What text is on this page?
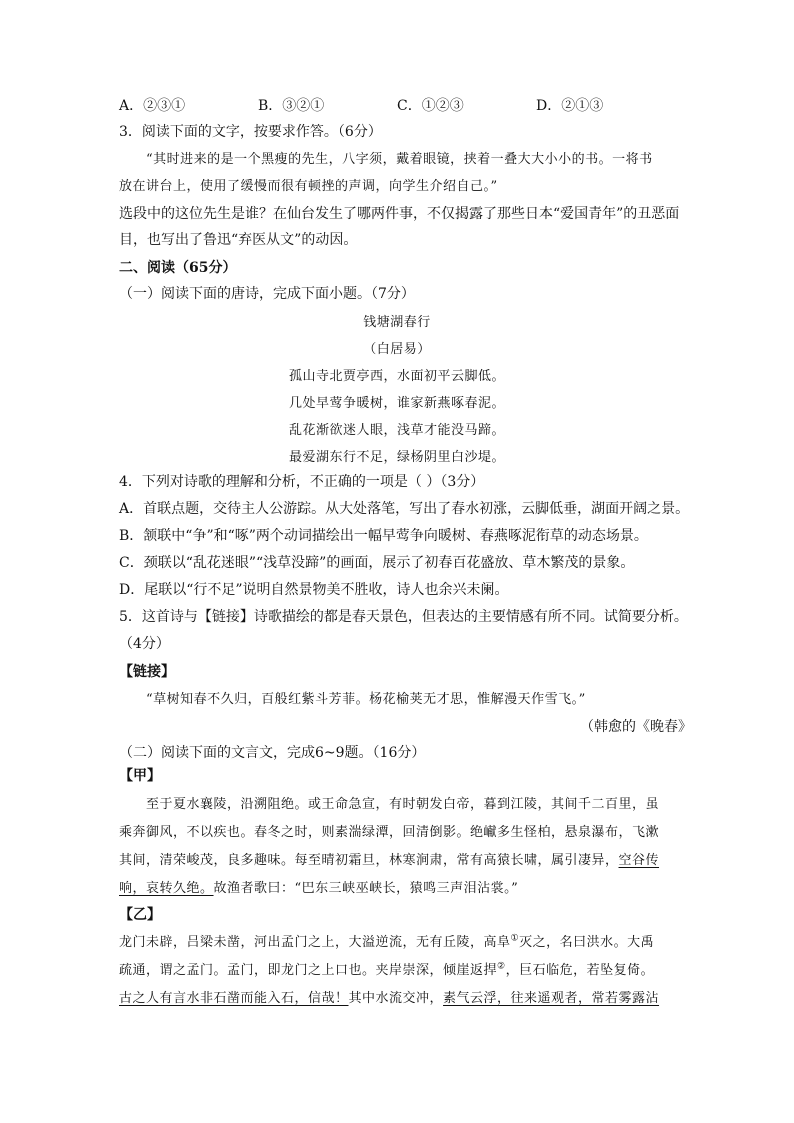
A．②③①	B．③②①	C．①②③	D．②①③
3．阅读下面的文字，按要求作答。（6分）
“其时进来的是一个黑瘦的先生，八字须，戴着眼镜，挟着一叠大大小小的书。一将书
放在讲台上，使用了缓慢而很有顿挫的声调，向学生介绍自己。”
选段中的这位先生是谁？在仙台发生了哪两件事，不仅揭露了那些日本“爱国青年”的丑恶面
目，也写出了鲁迅“弃医从文”的动因。
二、阅读（65分）
（一）阅读下面的唐诗，完成下面小题。（7分）
钱塘湖春行
（白居易）
孤山寺北贾亭西，水面初平云脚低。
几处早莺争暖树，谁家新燕啄春泥。
乱花渐欲迷人眼，浅草才能没马蹄。
最爱湖东行不足，绿杨阴里白沙堤。
4．下列对诗歌的理解和分析，不正确的一项是（ ）（3分）
A．首联点题，交待主人公游踪。从大处落笔，写出了春水初涨，云脚低垂，湖面开阔之景。
B．颔联中“争”和“啄”两个动词描绘出一幅早莺争向暖树、春燕啄泥衔草的动态场景。
C．颈联以“乱花迷眼”“浅草没蹄”的画面，展示了初春百花盛放、草木繁茂的景象。
D．尾联以“行不足”说明自然景物美不胜收，诗人也余兴未阑。
5．这首诗与【链接】诗歌描绘的都是春天景色，但表达的主要情感有所不同。试简要分析。
（4分）
【链接】
“草树知春不久归，百般红紫斗芳菲。杨花榆荚无才思，惟解漫天作雪飞。”
（韩愈的《晚春》
（二）阅读下面的文言文，完成6~9题。（16分）
【甲】
至于夏水襄陵，沿溯阻绝。或王命急宣，有时朝发白帝，暮到江陵，其间千二百里，虽
乘奔御风，不以疾也。春冬之时，则素湍绿潭，回清倒影。绝𪩘多生怪柏，悬泉瀑布，飞漱
其间，清荣峻茂，良多趣味。每至晴初霜旦，林寒涧肃，常有高猿长啸，属引凄异，空谷传
响，哀转久绝。故渔者歌曰：“巴东三峡巫峡长，猿鸣三声泪沾裳。”
【乙】
龙门未辟，吕梁未凿，河出孟门之上，大溢逆流，无有丘陵，高阜①灭之，名曰洪水。大禹
疏通，谓之孟门。孟门，即龙门之上口也。夹岸崇深，倾崖返捍②，巨石临危，若坠复倚。
古之人有言水非石凿而能入石，信哉！其中水流交冲，素气云浮，往来遥观者，常若雾露沾
